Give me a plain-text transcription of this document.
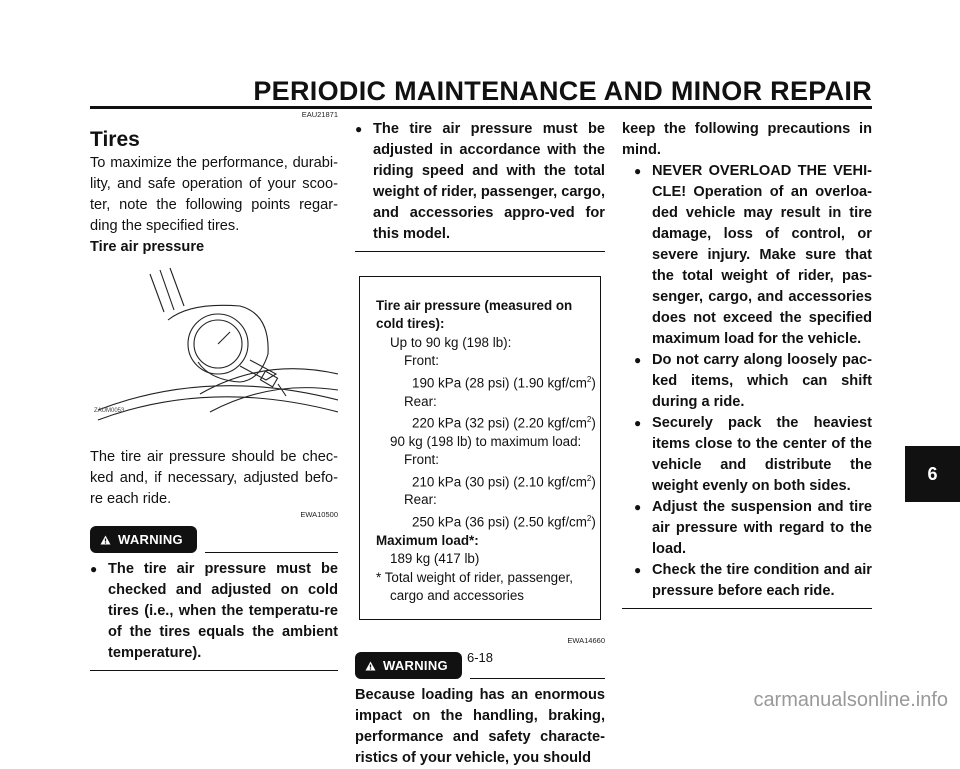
PERIODIC MAINTENANCE AND MINOR REPAIR
6
EAU21871
Tires

To maximize the performance, durabi-lity, and safe operation of your scoo-ter, note the following points regar-ding the specified tires.

Tire air pressure

ZAUM0053

The tire air pressure should be chec-ked and, if necessary, adjusted befo-re each ride.

EWA10500
WARNING
● The tire air pressure must be checked and adjusted on cold tires (i.e., when the temperatu-re of the tires equals the ambient temperature).
● The tire air pressure must be adjusted in accordance with the riding speed and with the total weight of rider, passenger, cargo, and accessories appro-ved for this model.
Tire air pressure (measured on cold tires):
Up to 90 kg (198 lb):
Front:
190 kPa (28 psi) (1.90 kgf/$cm^2$)
Rear:
220 kPa (32 psi) (2.20 kgf/$cm^2$)
90 kg (198 lb) to maximum load:
Front:
210 kPa (30 psi) (2.10 kgf/$cm^2$)
Rear:
250 kPa (36 psi) (2.50 kgf/$cm^2$)
Maximum load*:
189 kg (417 lb)
* Total weight of rider, passenger, cargo and accessories
EWA14660
WARNING

Because loading has an enormous impact on the handling, braking, performance and safety characte-ristics of your vehicle, you should

keep the following precautions in mind.

● NEVER OVERLOAD THE VEHI-CLE! Operation of an overloa-ded vehicle may result in tire damage, loss of control, or severe injury. Make sure that the total weight of rider, pas-senger, cargo, and accessories does not exceed the specified maximum load for the vehicle.
● Do not carry along loosely pac-ked items, which can shift during a ride.
● Securely pack the heaviest items close to the center of the vehicle and distribute the weight evenly on both sides.
● Adjust the suspension and tire air pressure with regard to the load.
● Check the tire condition and air pressure before each ride.
6-18
carmanualsonline.info
